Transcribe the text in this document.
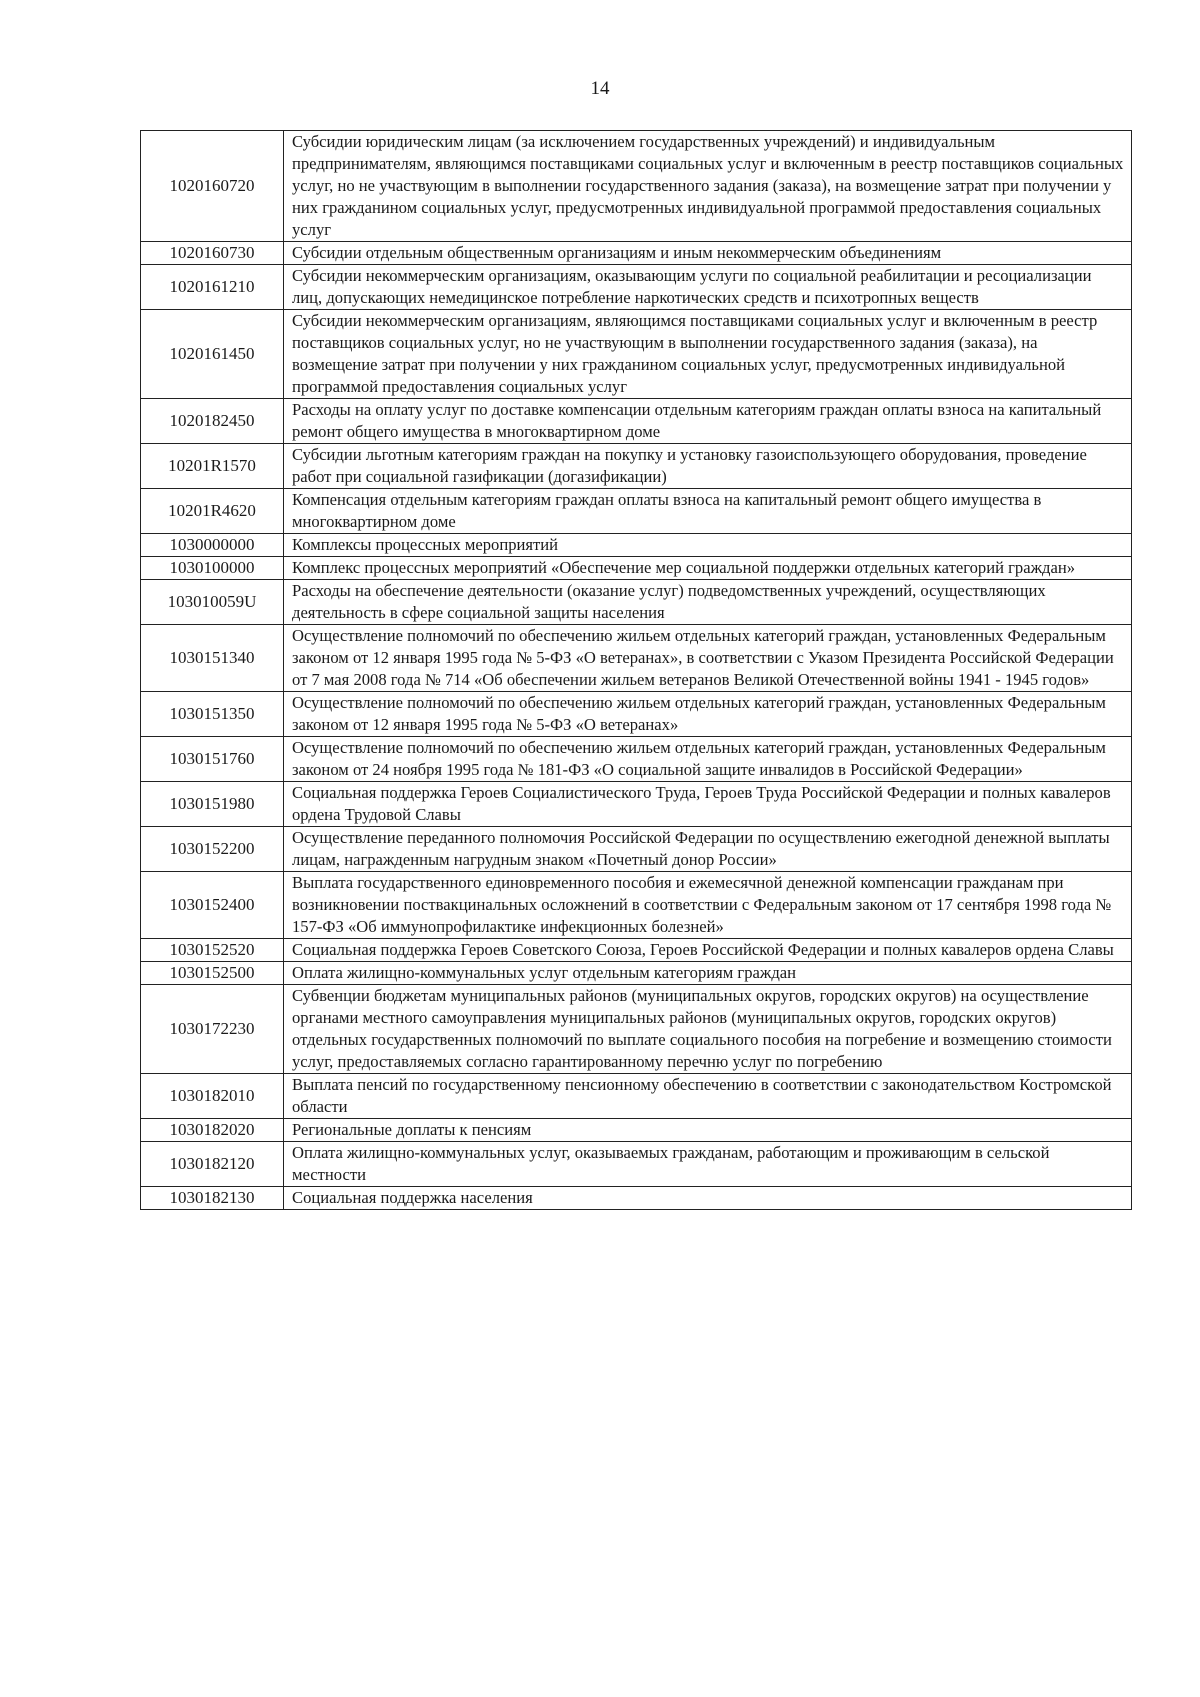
14
1020160720	Субсидии юридическим лицам (за исключением государственных учреждений) и индивидуальным предпринимателям, являющимся поставщиками социальных услуг и включенным в реестр поставщиков социальных услуг, но не участвующим в выполнении государственного задания (заказа), на возмещение затрат при получении у них гражданином социальных услуг, предусмотренных индивидуальной программой предоставления социальных услуг
1020160730	Субсидии отдельным общественным организациям и иным некоммерческим объединениям
1020161210	Субсидии некоммерческим организациям, оказывающим услуги по социальной реабилитации и ресоциализации лиц, допускающих немедицинское потребление наркотических средств и психотропных веществ
1020161450	Субсидии некоммерческим организациям, являющимся поставщиками социальных услуг и включенным в реестр поставщиков социальных услуг, но не участвующим в выполнении государственного задания (заказа), на возмещение затрат при получении у них гражданином социальных услуг, предусмотренных индивидуальной программой предоставления социальных услуг
1020182450	Расходы на оплату услуг по доставке компенсации отдельным категориям граждан оплаты взноса на капитальный ремонт общего имущества в многоквартирном доме
10201R1570	Субсидии льготным категориям граждан на покупку и установку газоиспользующего оборудования, проведение работ при социальной газификации (догазификации)
10201R4620	Компенсация отдельным категориям граждан оплаты взноса на капитальный ремонт общего имущества в многоквартирном доме
1030000000	Комплексы процессных мероприятий
1030100000	Комплекс процессных мероприятий «Обеспечение мер социальной поддержки отдельных категорий граждан»
103010059U	Расходы на обеспечение деятельности (оказание услуг) подведомственных учреждений, осуществляющих деятельность в сфере социальной защиты населения
1030151340	Осуществление полномочий по обеспечению жильем отдельных категорий граждан, установленных Федеральным законом от 12 января 1995 года № 5-ФЗ «О ветеранах», в соответствии с Указом Президента Российской Федерации от 7 мая 2008 года № 714 «Об обеспечении жильем ветеранов Великой Отечественной войны 1941 - 1945 годов»
1030151350	Осуществление полномочий по обеспечению жильем отдельных категорий граждан, установленных Федеральным законом от 12 января 1995 года № 5-ФЗ «О ветеранах»
1030151760	Осуществление полномочий по обеспечению жильем отдельных категорий граждан, установленных Федеральным законом от 24 ноября 1995 года № 181-ФЗ «О социальной защите инвалидов в Российской Федерации»
1030151980	Социальная поддержка Героев Социалистического Труда, Героев Труда Российской Федерации и полных кавалеров ордена Трудовой Славы
1030152200	Осуществление переданного полномочия Российской Федерации по осуществлению ежегодной денежной выплаты лицам, награжденным нагрудным знаком «Почетный донор России»
1030152400	Выплата государственного единовременного пособия и ежемесячной денежной компенсации гражданам при возникновении поствакцинальных осложнений в соответствии с Федеральным законом от 17 сентября 1998 года № 157-ФЗ «Об иммунопрофилактике инфекционных болезней»
1030152520	Социальная поддержка Героев Советского Союза, Героев Российской Федерации и полных кавалеров ордена Славы
1030152500	Оплата жилищно-коммунальных услуг отдельным категориям граждан
1030172230	Субвенции бюджетам муниципальных районов (муниципальных округов, городских округов) на осуществление органами местного самоуправления муниципальных районов (муниципальных округов, городских округов) отдельных государственных полномочий по выплате социального пособия на погребение и возмещению стоимости услуг, предоставляемых согласно гарантированному перечню услуг по погребению
1030182010	Выплата пенсий по государственному пенсионному обеспечению в соответствии с законодательством Костромской области
1030182020	Региональные доплаты к пенсиям
1030182120	Оплата жилищно-коммунальных услуг, оказываемых гражданам, работающим и проживающим в сельской местности
1030182130	Социальная поддержка населения
